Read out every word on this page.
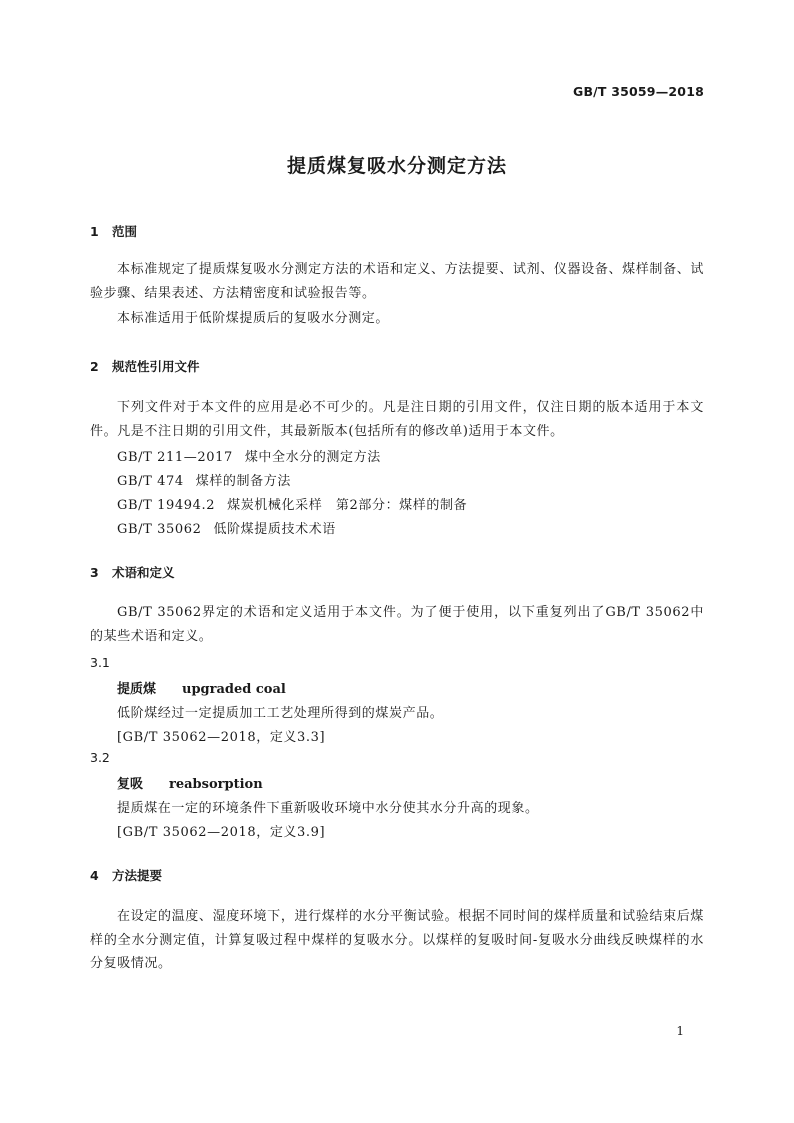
GB/T 35059—2018
提质煤复吸水分测定方法
1 范围
本标准规定了提质煤复吸水分测定方法的术语和定义、方法提要、试剂、仪器设备、煤样制备、试验步骤、结果表述、方法精密度和试验报告等。
本标准适用于低阶煤提质后的复吸水分测定。
2 规范性引用文件
下列文件对于本文件的应用是必不可少的。凡是注日期的引用文件，仅注日期的版本适用于本文件。凡是不注日期的引用文件，其最新版本(包括所有的修改单)适用于本文件。
GB/T 211—2017 煤中全水分的测定方法
GB/T 474 煤样的制备方法
GB/T 19494.2 煤炭机械化采样　第2部分：煤样的制备
GB/T 35062 低阶煤提质技术术语
3 术语和定义
GB/T 35062界定的术语和定义适用于本文件。为了便于使用，以下重复列出了GB/T 35062中的某些术语和定义。
3.1
提质煤 upgraded coal
低阶煤经过一定提质加工工艺处理所得到的煤炭产品。
[GB/T 35062—2018，定义3.3]
3.2
复吸 reabsorption
提质煤在一定的环境条件下重新吸收环境中水分使其水分升高的现象。
[GB/T 35062—2018，定义3.9]
4 方法提要
在设定的温度、湿度环境下，进行煤样的水分平衡试验。根据不同时间的煤样质量和试验结束后煤样的全水分测定值，计算复吸过程中煤样的复吸水分。以煤样的复吸时间-复吸水分曲线反映煤样的水分复吸情况。
1
